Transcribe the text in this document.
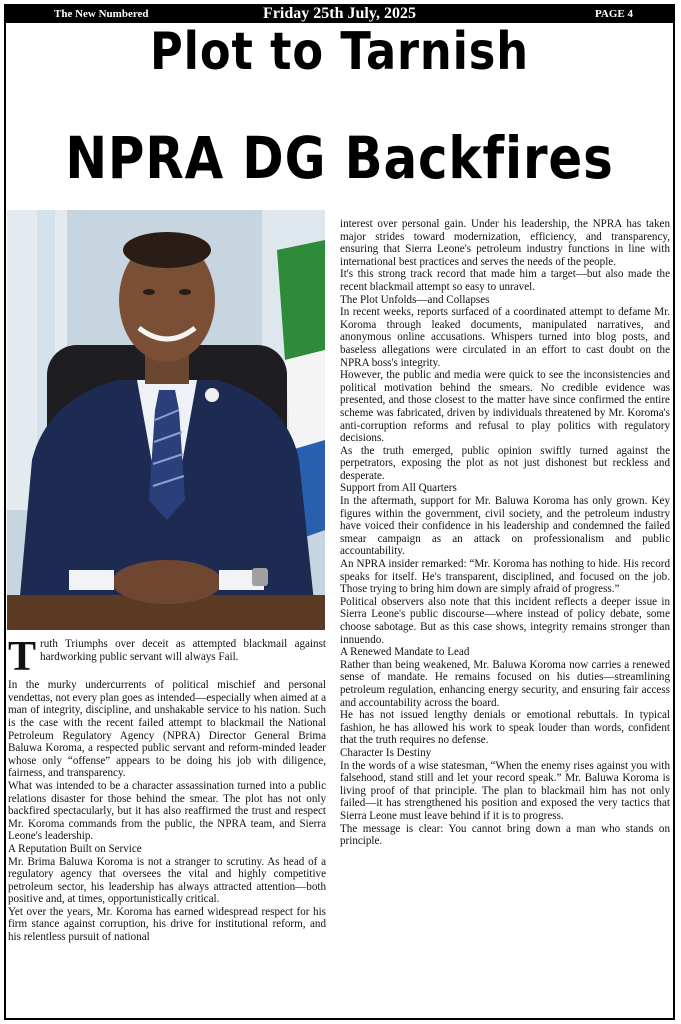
The New Numbered	Friday 25th July, 2025	PAGE 4
Plot to Tarnish
NPRA DG Backfires

Truth Triumphs over deceit as attempted blackmail against hardworking public servant will always Fail.

In the murky undercurrents of political mischief and personal vendettas, not every plan goes as intended—especially when aimed at a man of integrity, discipline, and unshakable service to his nation. Such is the case with the recent failed attempt to blackmail the National Petroleum Regulatory Agency (NPRA) Director General Brima Baluwa Koroma, a respected public servant and reform-minded leader whose only “offense” appears to be doing his job with diligence, fairness, and transparency.

What was intended to be a character assassination turned into a public relations disaster for those behind the smear. The plot has not only backfired spectacularly, but it has also reaffirmed the trust and respect Mr. Koroma commands from the public, the NPRA team, and Sierra Leone's leadership.

A Reputation Built on Service

Mr. Brima Baluwa Koroma is not a stranger to scrutiny. As head of a regulatory agency that oversees the vital and highly competitive petroleum sector, his leadership has always attracted attention—both positive and, at times, opportunistically critical.

Yet over the years, Mr. Koroma has earned widespread respect for his firm stance against corruption, his drive for institutional reform, and his relentless pursuit of national

interest over personal gain. Under his leadership, the NPRA has taken major strides toward modernization, efficiency, and transparency, ensuring that Sierra Leone's petroleum industry functions in line with international best practices and serves the needs of the people.

It's this strong track record that made him a target—but also made the recent blackmail attempt so easy to unravel.

The Plot Unfolds—and Collapses

In recent weeks, reports surfaced of a coordinated attempt to defame Mr. Koroma through leaked documents, manipulated narratives, and anonymous online accusations. Whispers turned into blog posts, and baseless allegations were circulated in an effort to cast doubt on the NPRA boss's integrity.

However, the public and media were quick to see the inconsistencies and political motivation behind the smears. No credible evidence was presented, and those closest to the matter have since confirmed the entire scheme was fabricated, driven by individuals threatened by Mr. Koroma's anti-corruption reforms and refusal to play politics with regulatory decisions.

As the truth emerged, public opinion swiftly turned against the perpetrators, exposing the plot as not just dishonest but reckless and desperate.

Support from All Quarters

In the aftermath, support for Mr. Baluwa Koroma has only grown. Key figures within the government, civil society, and the petroleum industry have voiced their confidence in his leadership and condemned the failed smear campaign as an attack on professionalism and public accountability.

An NPRA insider remarked: “Mr. Koroma has nothing to hide. His record speaks for itself. He's transparent, disciplined, and focused on the job. Those trying to bring him down are simply afraid of progress.”

Political observers also note that this incident reflects a deeper issue in Sierra Leone's public discourse—where instead of policy debate, some choose sabotage. But as this case shows, integrity remains stronger than innuendo.

A Renewed Mandate to Lead

Rather than being weakened, Mr. Baluwa Koroma now carries a renewed sense of mandate. He remains focused on his duties—streamlining petroleum regulation, enhancing energy security, and ensuring fair access and accountability across the board.

He has not issued lengthy denials or emotional rebuttals. In typical fashion, he has allowed his work to speak louder than words, confident that the truth requires no defense.

Character Is Destiny

In the words of a wise statesman, “When the enemy rises against you with falsehood, stand still and let your record speak.” Mr. Baluwa Koroma is living proof of that principle. The plan to blackmail him has not only failed—it has strengthened his position and exposed the very tactics that Sierra Leone must leave behind if it is to progress.

The message is clear: You cannot bring down a man who stands on principle.
